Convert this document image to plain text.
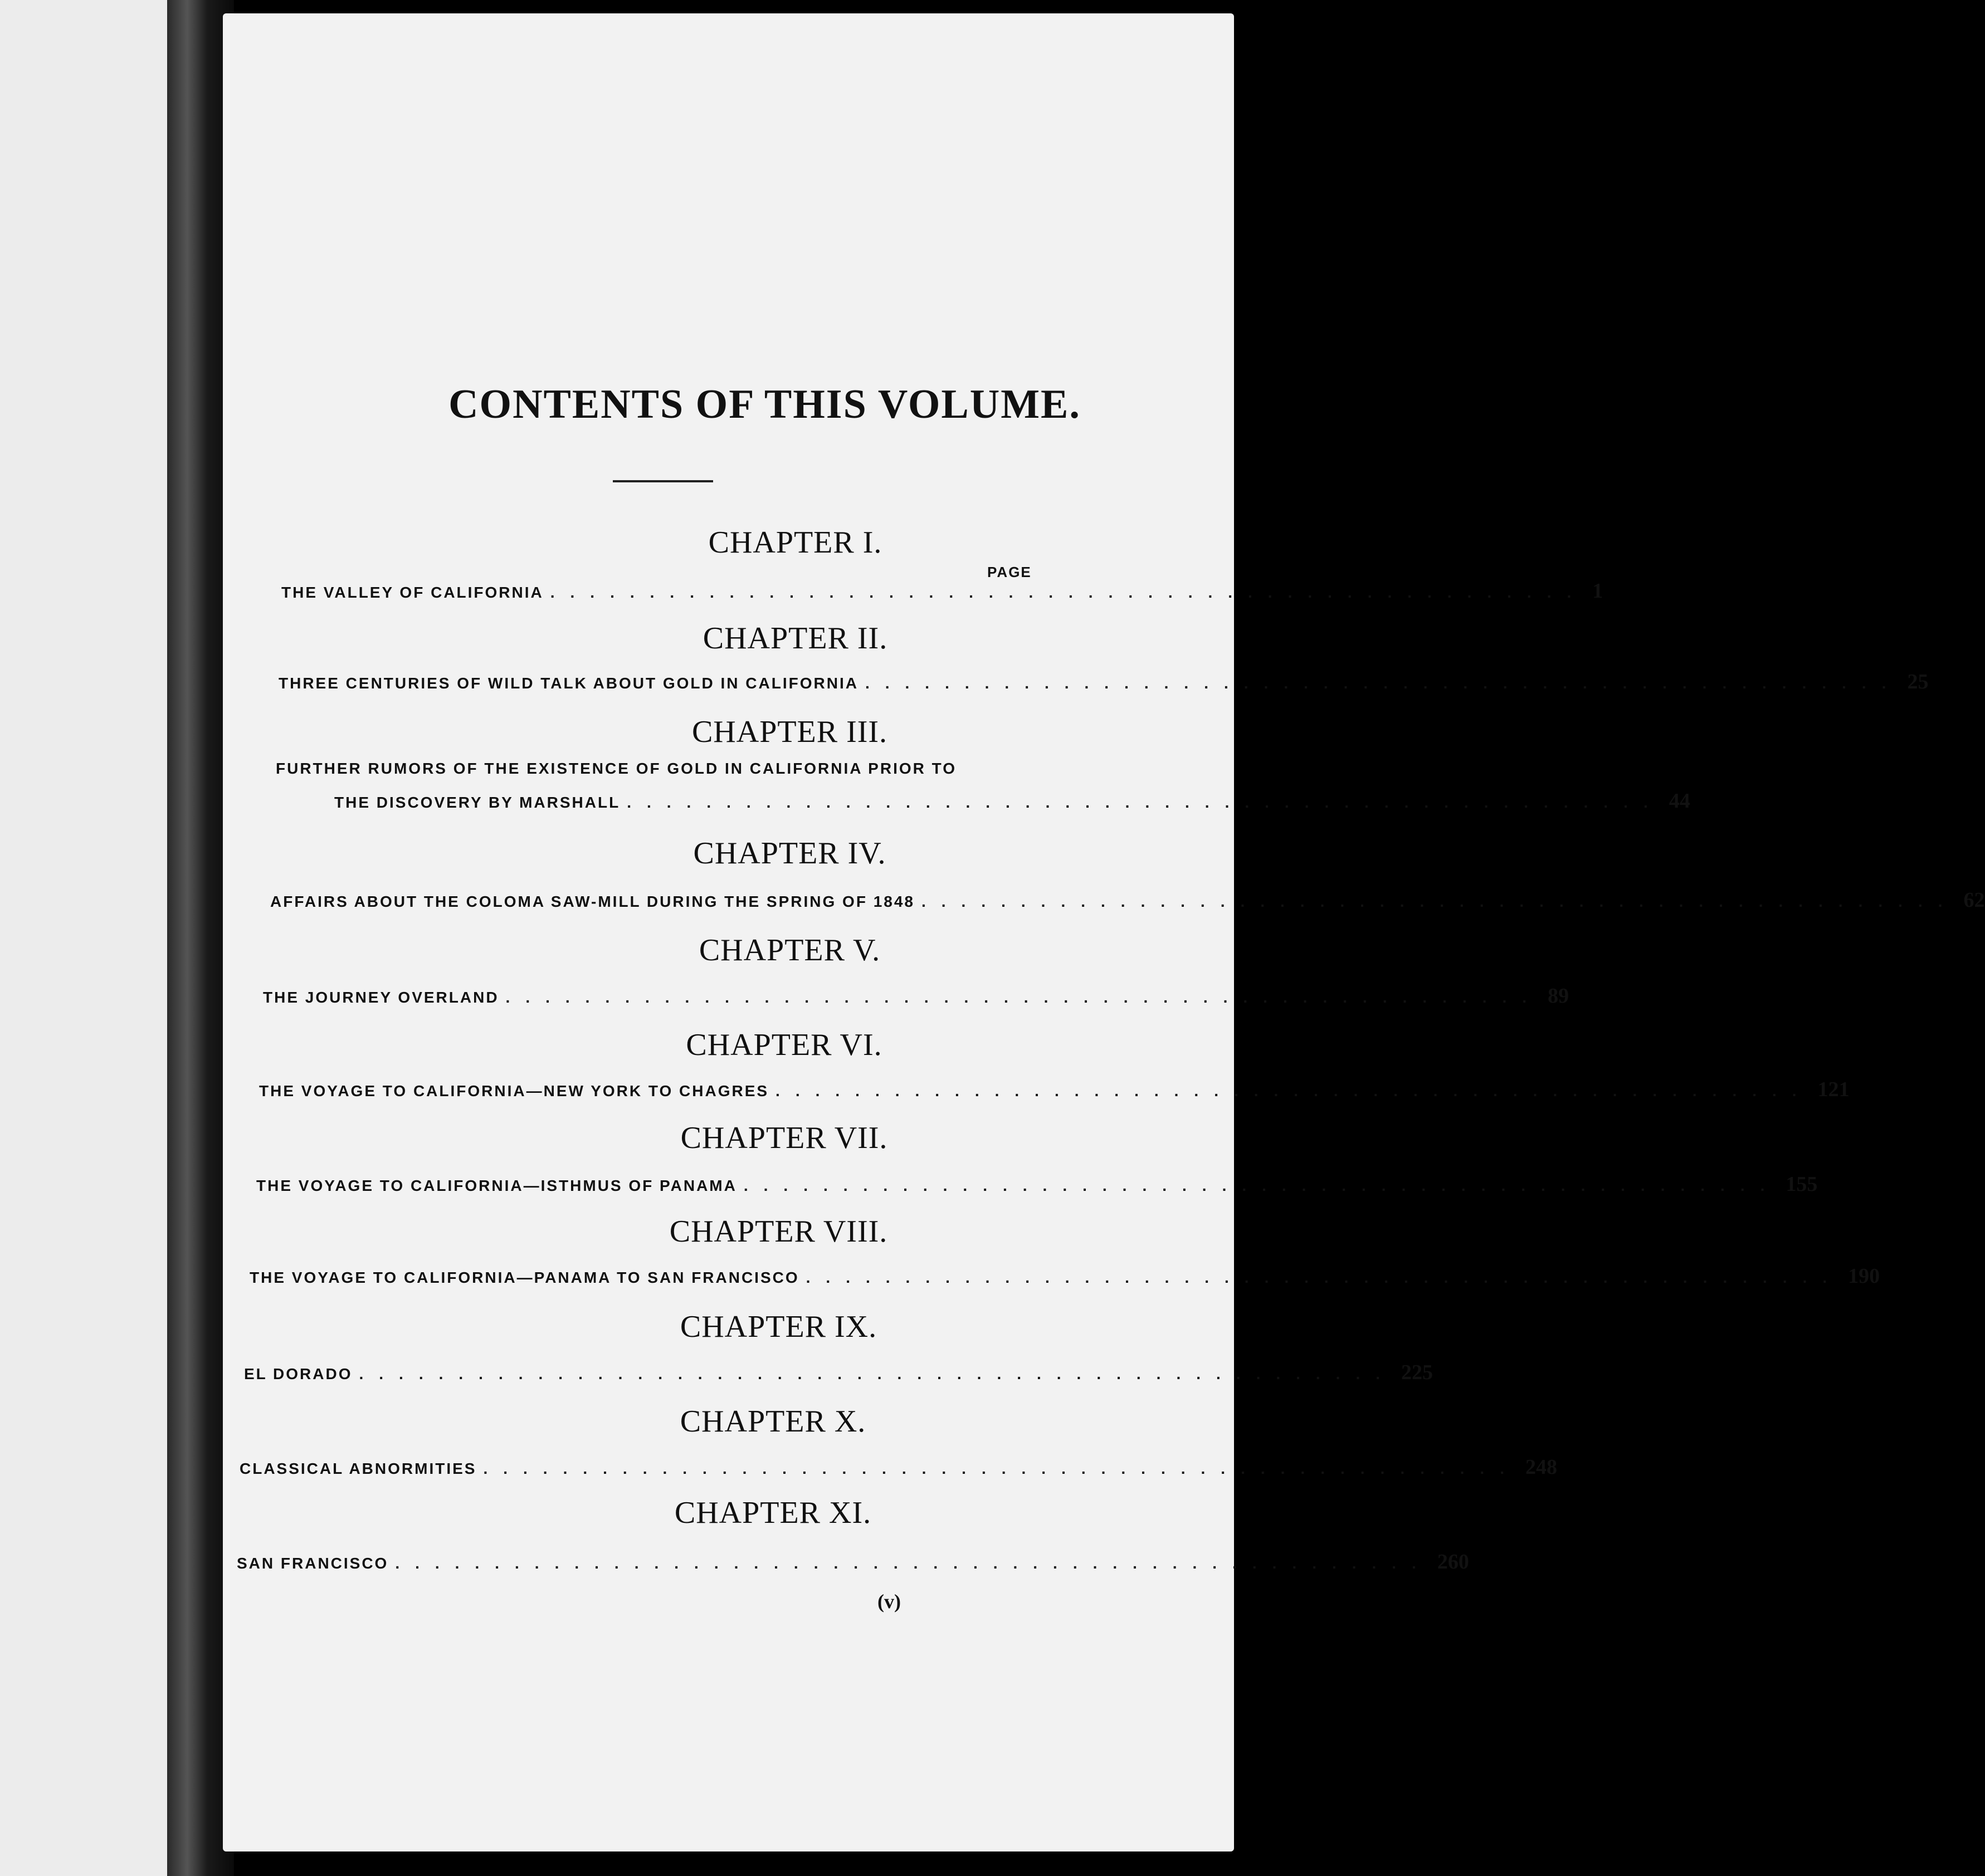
CONTENTS OF THIS VOLUME.
PAGE
CHAPTER I.
THE VALLEY OF CALIFORNIA .................................................... 1
CHAPTER II.
THREE CENTURIES OF WILD TALK ABOUT GOLD IN CALIFORNIA .................................................... 25
CHAPTER III.
FURTHER RUMORS OF THE EXISTENCE OF GOLD IN CALIFORNIA PRIOR TO
THE DISCOVERY BY MARSHALL .................................................... 44
CHAPTER IV.
AFFAIRS ABOUT THE COLOMA SAW-MILL DURING THE SPRING OF 1848 .................................................... 62
CHAPTER V.
THE JOURNEY OVERLAND .................................................... 89
CHAPTER VI.
THE VOYAGE TO CALIFORNIA—NEW YORK TO CHAGRES .................................................... 121
CHAPTER VII.
THE VOYAGE TO CALIFORNIA—ISTHMUS OF PANAMA .................................................... 155
CHAPTER VIII.
THE VOYAGE TO CALIFORNIA—PANAMA TO SAN FRANCISCO .................................................... 190
CHAPTER IX.
EL DORADO .................................................... 225
CHAPTER X.
CLASSICAL ABNORMITIES .................................................... 248
CHAPTER XI.
SAN FRANCISCO .................................................... 260
(v)
